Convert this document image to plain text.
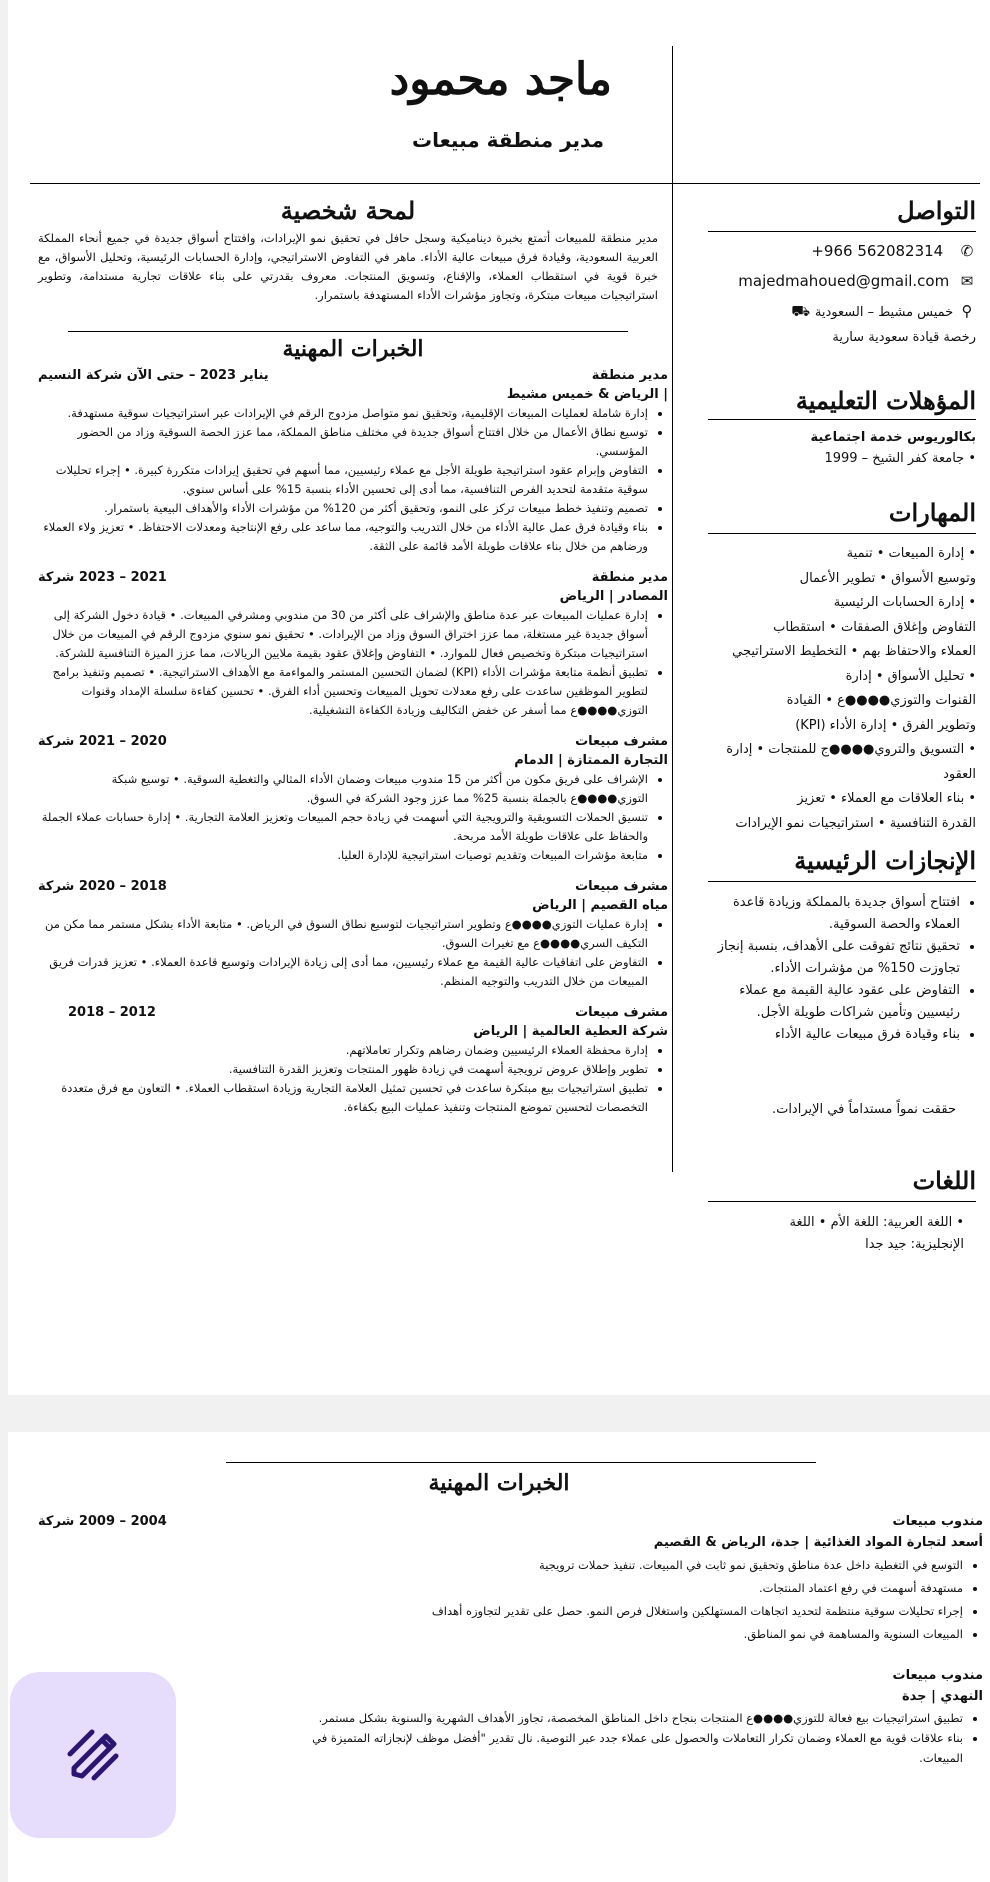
ماجد محمود
مدير منطقة مبيعات
التواصل
+966 562082314 ✆
majedmahoued@gmail.com ✉
⚲ خميس مشيط – السعودية ⛟
رخصة قيادة سعودية سارية
المؤهلات التعليمية
بكالوريوس خدمة اجتماعية
• جامعة كفر الشيخ – 1999
المهارات
• إدارة المبيعات • تنمية
وتوسيع الأسواق • تطوير الأعمال
• إدارة الحسابات الرئيسية
التفاوض وإغلاق الصفقات • استقطاب
العملاء والاحتفاظ بهم • التخطيط الاستراتيجي
• تحليل الأسواق • إدارة
القنوات والتوزي●●●●ع • القيادة
وتطوير الفرق • إدارة الأداء (KPI)
• التسويق والتروي●●●●ج للمنتجات • إدارة
العقود
• بناء العلاقات مع العملاء • تعزيز
القدرة التنافسية • استراتيجيات نمو الإيرادات
الإنجازات الرئيسية
• افتتاح أسواق جديدة بالمملكة وزيادة قاعدة العملاء والحصة السوقية.
• تحقيق نتائج تفوقت على الأهداف، بنسبة إنجاز تجاوزت 150% من مؤشرات الأداء.
• التفاوض على عقود عالية القيمة مع عملاء رئيسيين وتأمين شراكات طويلة الأجل.
• بناء وقيادة فرق مبيعات عالية الأداء
حققت نمواً مستداماً في الإيرادات.
اللغات
• اللغة العربية: اللغة الأم • اللغة
الإنجليزية: جيد جدا
لمحة شخصية
مدير منطقة للمبيعات أتمتع بخبرة ديناميكية وسجل حافل في تحقيق نمو الإيرادات، وافتتاح أسواق جديدة في جميع أنحاء المملكة العربية السعودية، وقيادة فرق مبيعات عالية الأداء. ماهر في التفاوض الاستراتيجي، وإدارة الحسابات الرئيسية، وتحليل الأسواق، مع خبرة قوية في استقطاب العملاء، والإقناع، وتسويق المنتجات. معروف بقدرتي على بناء علاقات تجارية مستدامة، وتطوير استراتيجيات مبيعات مبتكرة، وتجاوز مؤشرات الأداء المستهدفة باستمرار.
الخبرات المهنية
مدير منطقة
يناير 2023 – حتى الآن شركة النسيم
| الرياض & خميس مشيط
• إدارة شاملة لعمليات المبيعات الإقليمية، وتحقيق نمو متواصل مزدوج الرقم في الإيرادات عبر استراتيجيات سوقية مستهدفة.
• توسيع نطاق الأعمال من خلال افتتاح أسواق جديدة في مختلف مناطق المملكة، مما عزز الحصة السوقية وزاد من الحضور المؤسسي.
• التفاوض وإبرام عقود استراتيجية طويلة الأجل مع عملاء رئيسيين، مما أسهم في تحقيق إيرادات متكررة كبيرة. • إجراء تحليلات سوقية متقدمة لتحديد الفرص التنافسية، مما أدى إلى تحسين الأداء بنسبة 15% على أساس سنوي.
• تصميم وتنفيذ خطط مبيعات تركز على النمو، وتحقيق أكثر من 120% من مؤشرات الأداء والأهداف البيعية باستمرار.
• بناء وقيادة فرق عمل عالية الأداء من خلال التدريب والتوجيه، مما ساعد على رفع الإنتاجية ومعدلات الاحتفاظ. • تعزيز ولاء العملاء ورضاهم من خلال بناء علاقات طويلة الأمد قائمة على الثقة.
مدير منطقة
2021 – 2023 شركة
المصادر | الرياض
• إدارة عمليات المبيعات عبر عدة مناطق والإشراف على أكثر من 30 من مندوبي ومشرفي المبيعات. • قيادة دخول الشركة إلى أسواق جديدة غير مستغلة، مما عزز اختراق السوق وزاد من الإيرادات. • تحقيق نمو سنوي مزدوج الرقم في المبيعات من خلال استراتيجيات مبتكرة وتخصيص فعال للموارد. • التفاوض وإغلاق عقود بقيمة ملايين الريالات، مما عزز الميزة التنافسية للشركة.
• تطبيق أنظمة متابعة مؤشرات الأداء (KPI) لضمان التحسين المستمر والمواءمة مع الأهداف الاستراتيجية. • تصميم وتنفيذ برامج لتطوير الموظفين ساعدت على رفع معدلات تحويل المبيعات وتحسين أداء الفرق. • تحسين كفاءة سلسلة الإمداد وقنوات التوزي●●●●ع مما أسفر عن خفض التكاليف وزيادة الكفاءة التشغيلية.
مشرف مبيعات
2020 – 2021 شركة
التجارة الممتازة | الدمام
• الإشراف على فريق مكون من أكثر من 15 مندوب مبيعات وضمان الأداء المثالي والتغطية السوقية. • توسيع شبكة التوزي●●●●ع بالجملة بنسبة 25% مما عزز وجود الشركة في السوق.
• تنسيق الحملات التسويقية والترويجية التي أسهمت في زيادة حجم المبيعات وتعزيز العلامة التجارية. • إدارة حسابات عملاء الجملة والحفاظ على علاقات طويلة الأمد مربحة.
• متابعة مؤشرات المبيعات وتقديم توصيات استراتيجية للإدارة العليا.
مشرف مبيعات
2018 – 2020 شركة
مياه القصيم | الرياض
• إدارة عمليات التوزي●●●●ع وتطوير استراتيجيات لتوسيع نطاق السوق في الرياض. • متابعة الأداء بشكل مستمر مما مكن من التكيف السري●●●●ع مع تغيرات السوق.
• التفاوض على اتفاقيات عالية القيمة مع عملاء رئيسيين، مما أدى إلى زيادة الإيرادات وتوسيع قاعدة العملاء. • تعزيز قدرات فريق المبيعات من خلال التدريب والتوجيه المنظم.
مشرف مبيعات
2012 – 2018
شركة العطية العالمية | الرياض
• إدارة محفظة العملاء الرئيسيين وضمان رضاهم وتكرار تعاملاتهم.
• تطوير وإطلاق عروض ترويجية أسهمت في زيادة ظهور المنتجات وتعزيز القدرة التنافسية.
• تطبيق استراتيجيات بيع مبتكرة ساعدت في تحسين تمثيل العلامة التجارية وزيادة استقطاب العملاء. • التعاون مع فرق متعددة التخصصات لتحسين تموضع المنتجات وتنفيذ عمليات البيع بكفاءة.
الخبرات المهنية
مندوب مبيعات
2004 – 2009 شركة
أسعد لتجارة المواد الغذائية | جدة، الرياض & القصيم
• التوسع في التغطية داخل عدة مناطق وتحقيق نمو ثابت في المبيعات. تنفيذ حملات ترويجية
• مستهدفة أسهمت في رفع اعتماد المنتجات.
• إجراء تحليلات سوقية منتظمة لتحديد اتجاهات المستهلكين واستغلال فرص النمو. حصل على تقدير لتجاوزه أهداف
• المبيعات السنوية والمساهمة في نمو المناطق.
مندوب مبيعات
النهدي | جدة
• تطبيق استراتيجيات بيع فعالة للتوزي●●●●ع المنتجات بنجاح داخل المناطق المخصصة، تجاوز الأهداف الشهرية والسنوية بشكل مستمر.
• بناء علاقات قوية مع العملاء وضمان تكرار التعاملات والحصول على عملاء جدد عبر التوصية. نال تقدير "أفضل موظف لإنجازاته المتميزة في المبيعات.
